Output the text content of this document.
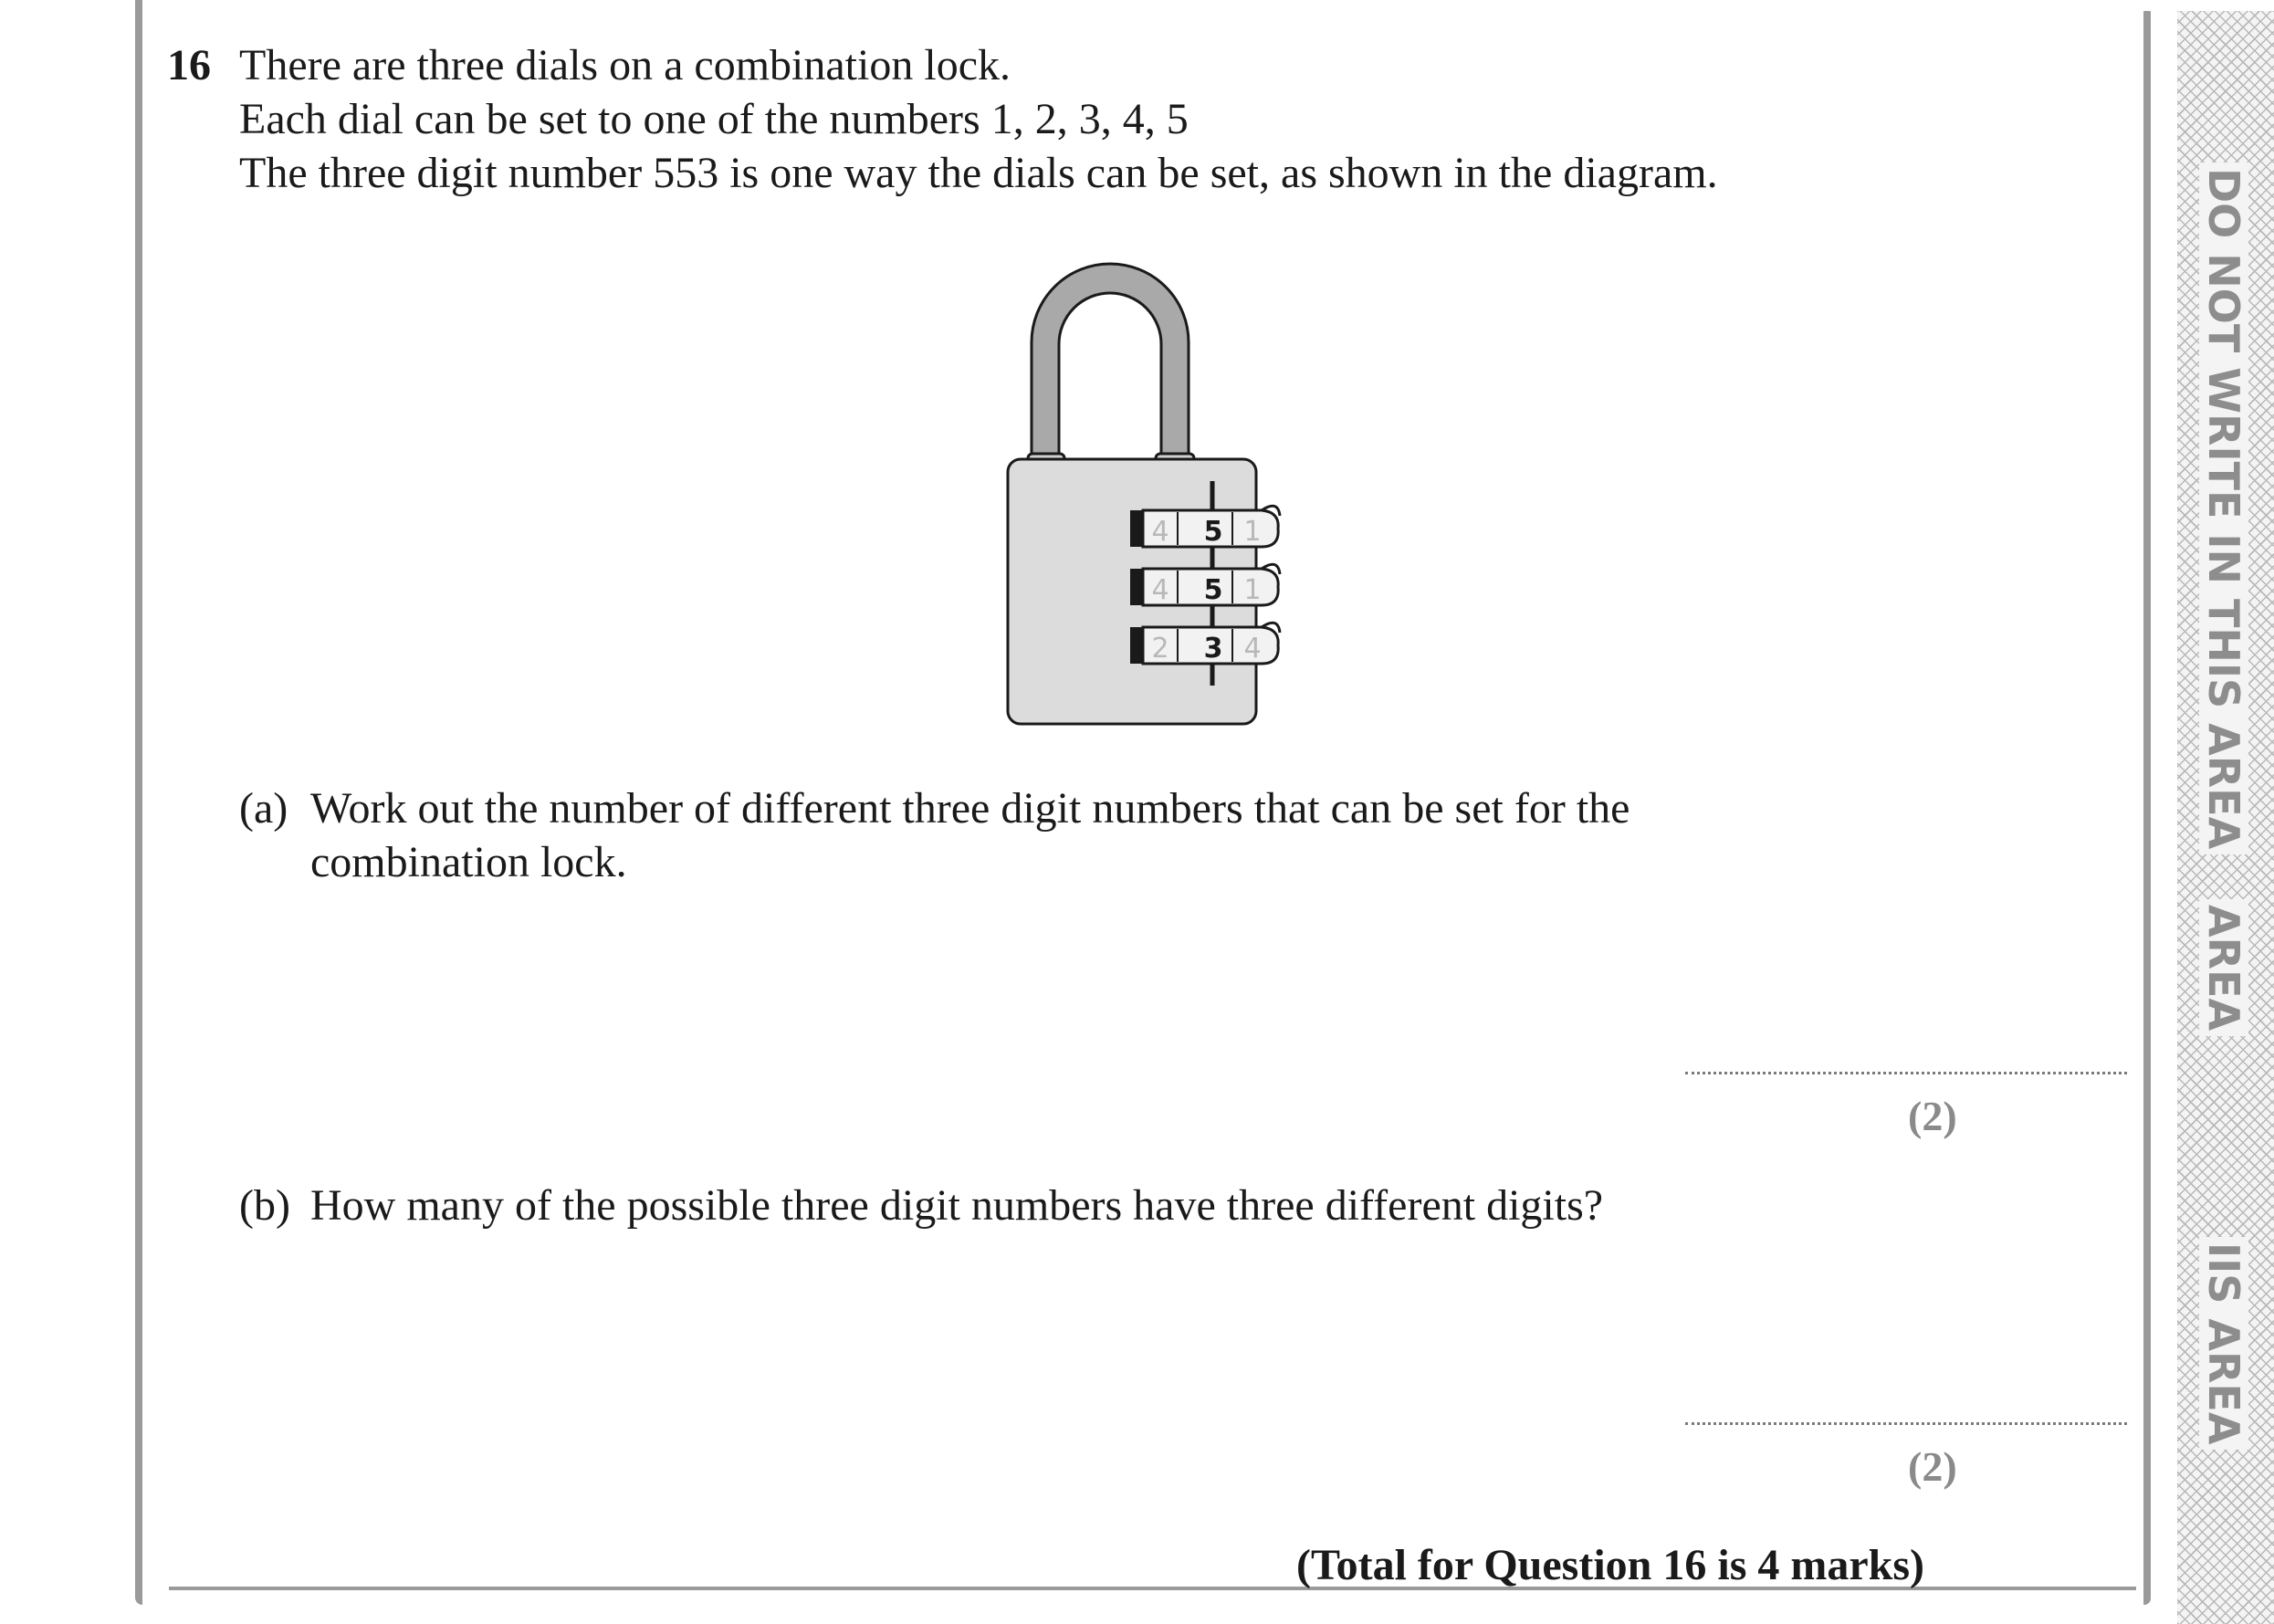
DO NOT WRITE IN THIS AREA
AREA
IIS AREA
16 There are three dials on a combination lock.
Each dial can be set to one of the numbers 1, 2, 3, 4, 5
The three digit number 553 is one way the dials can be set, as shown in the diagram.
4 5 1
4 5 1
2 3 4
(a) Work out the number of different three digit numbers that can be set for the
combination lock.
(2)
(b) How many of the possible three digit numbers have three different digits?
(2)
(Total for Question 16 is 4 marks)
